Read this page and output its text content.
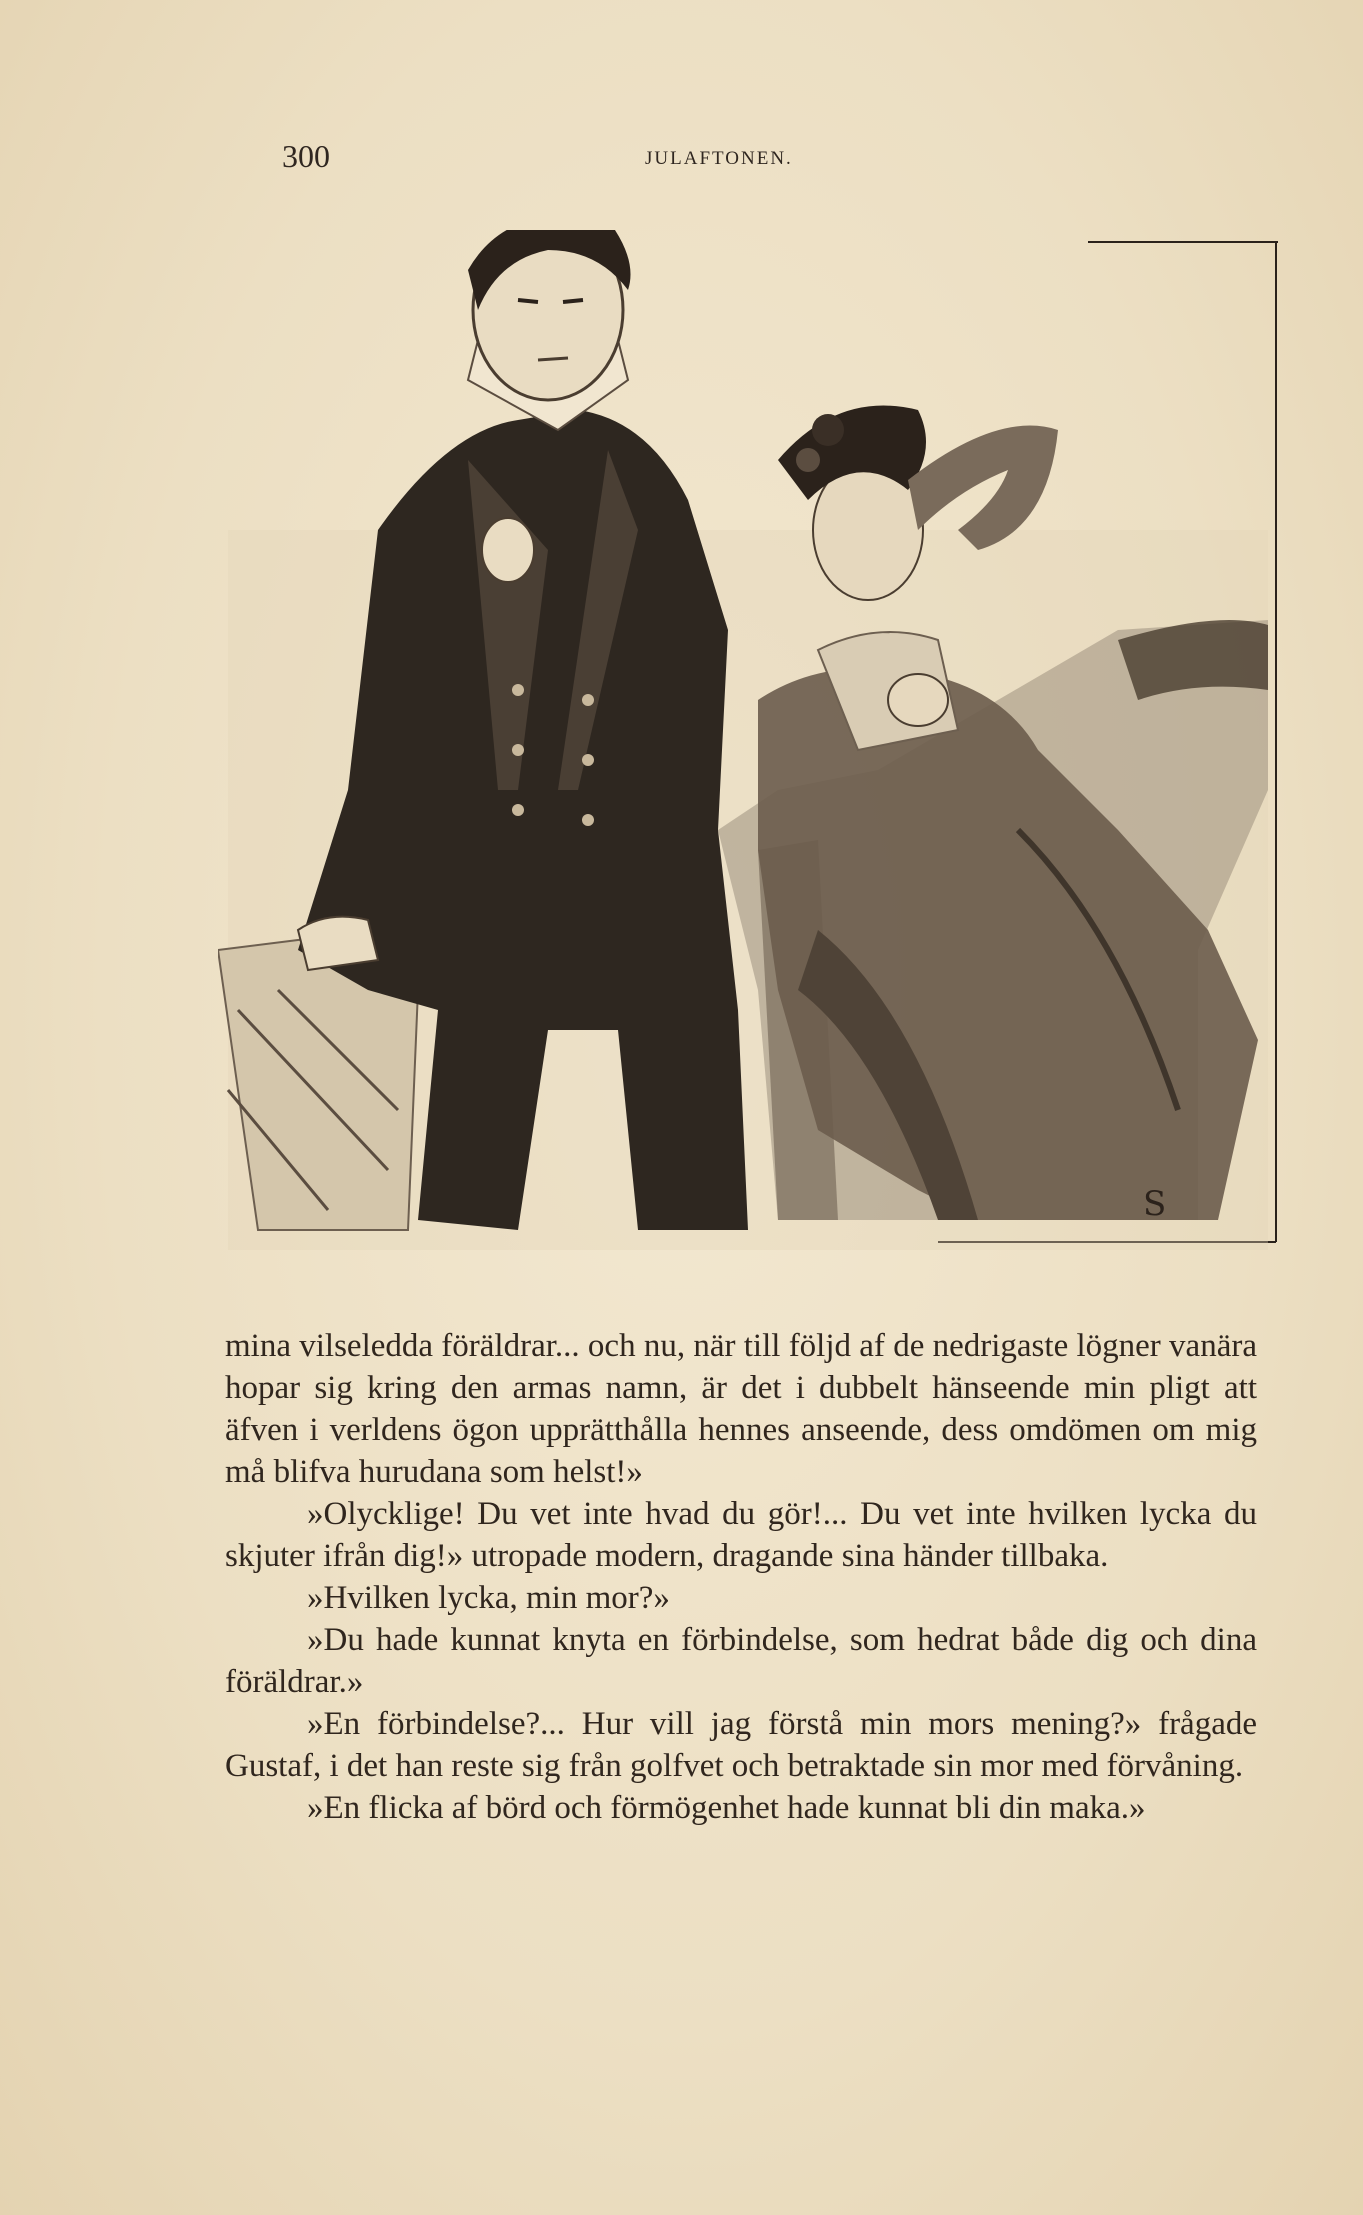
300	JULAFTONEN.
S

mina vilseledda föräldrar... och nu, när till följd af de nedrigaste lögner vanära hopar sig kring den armas namn, är det i dubbelt hänseende min pligt att äfven i verldens ögon upprätthålla hennes anseende, dess omdömen om mig må blifva hurudana som helst!»

»Olycklige! Du vet inte hvad du gör!... Du vet inte hvilken lycka du skjuter ifrån dig!» utropade modern, dragande sina händer tillbaka.

»Hvilken lycka, min mor?»

»Du hade kunnat knyta en förbindelse, som hedrat både dig och dina föräldrar.»

»En förbindelse?... Hur vill jag förstå min mors mening?» frågade Gustaf, i det han reste sig från golfvet och betraktade sin mor med förvåning.

»En flicka af börd och förmögenhet hade kunnat bli din maka.»
